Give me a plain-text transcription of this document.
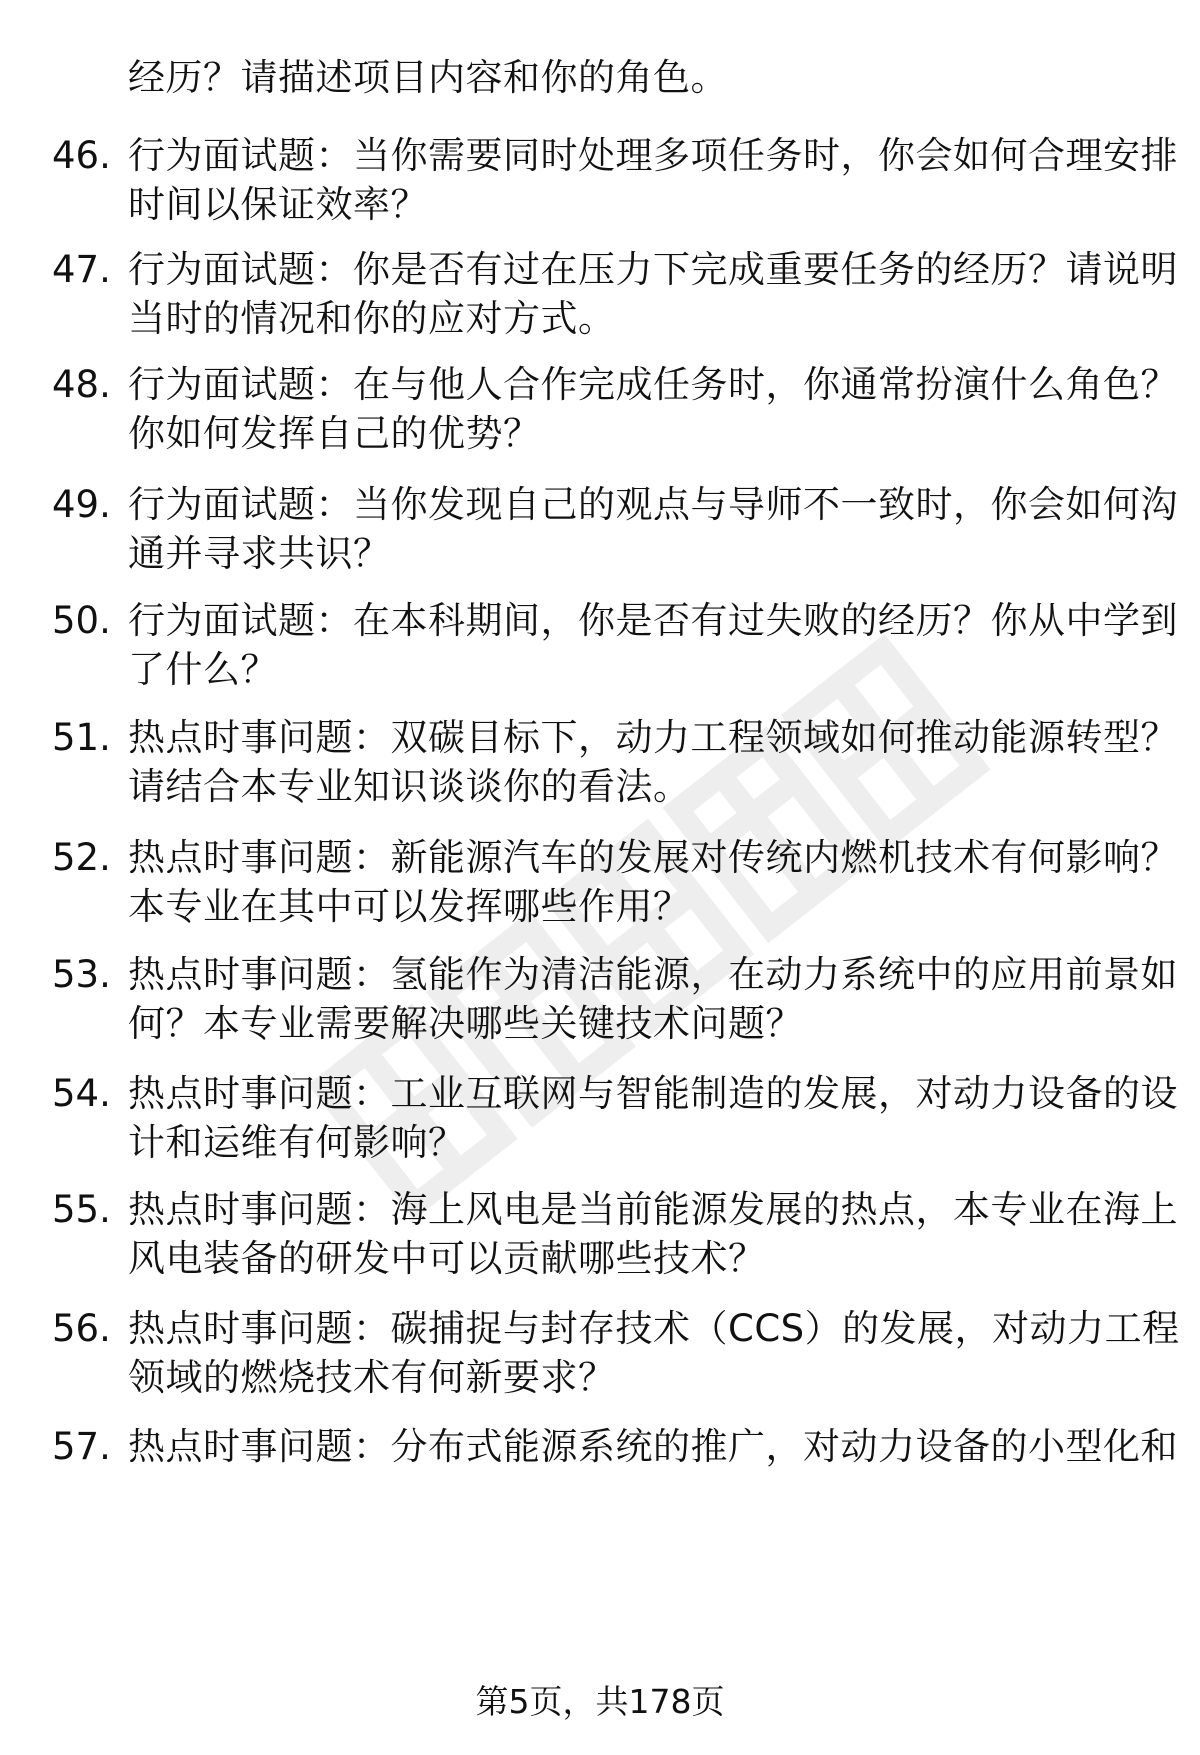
经历？请描述项目内容和你的角色。
46. 行为面试题：当你需要同时处理多项任务时，你会如何合理安排
时间以保证效率？
47. 行为面试题：你是否有过在压力下完成重要任务的经历？请说明
当时的情况和你的应对方式。
48. 行为面试题：在与他人合作完成任务时，你通常扮演什么角色？
你如何发挥自己的优势？
49. 行为面试题：当你发现自己的观点与导师不一致时，你会如何沟
通并寻求共识？
50. 行为面试题：在本科期间，你是否有过失败的经历？你从中学到
了什么？
51. 热点时事问题：双碳目标下，动力工程领域如何推动能源转型？
请结合本专业知识谈谈你的看法。
52. 热点时事问题：新能源汽车的发展对传统内燃机技术有何影响？
本专业在其中可以发挥哪些作用？
53. 热点时事问题：氢能作为清洁能源，在动力系统中的应用前景如
何？本专业需要解决哪些关键技术问题？
54. 热点时事问题：工业互联网与智能制造的发展，对动力设备的设
计和运维有何影响？
55. 热点时事问题：海上风电是当前能源发展的热点，本专业在海上
风电装备的研发中可以贡献哪些技术？
56. 热点时事问题：碳捕捉与封存技术（CCS）的发展，对动力工程
领域的燃烧技术有何新要求？
57. 热点时事问题：分布式能源系统的推广，对动力设备的小型化和
第5页，共178页
